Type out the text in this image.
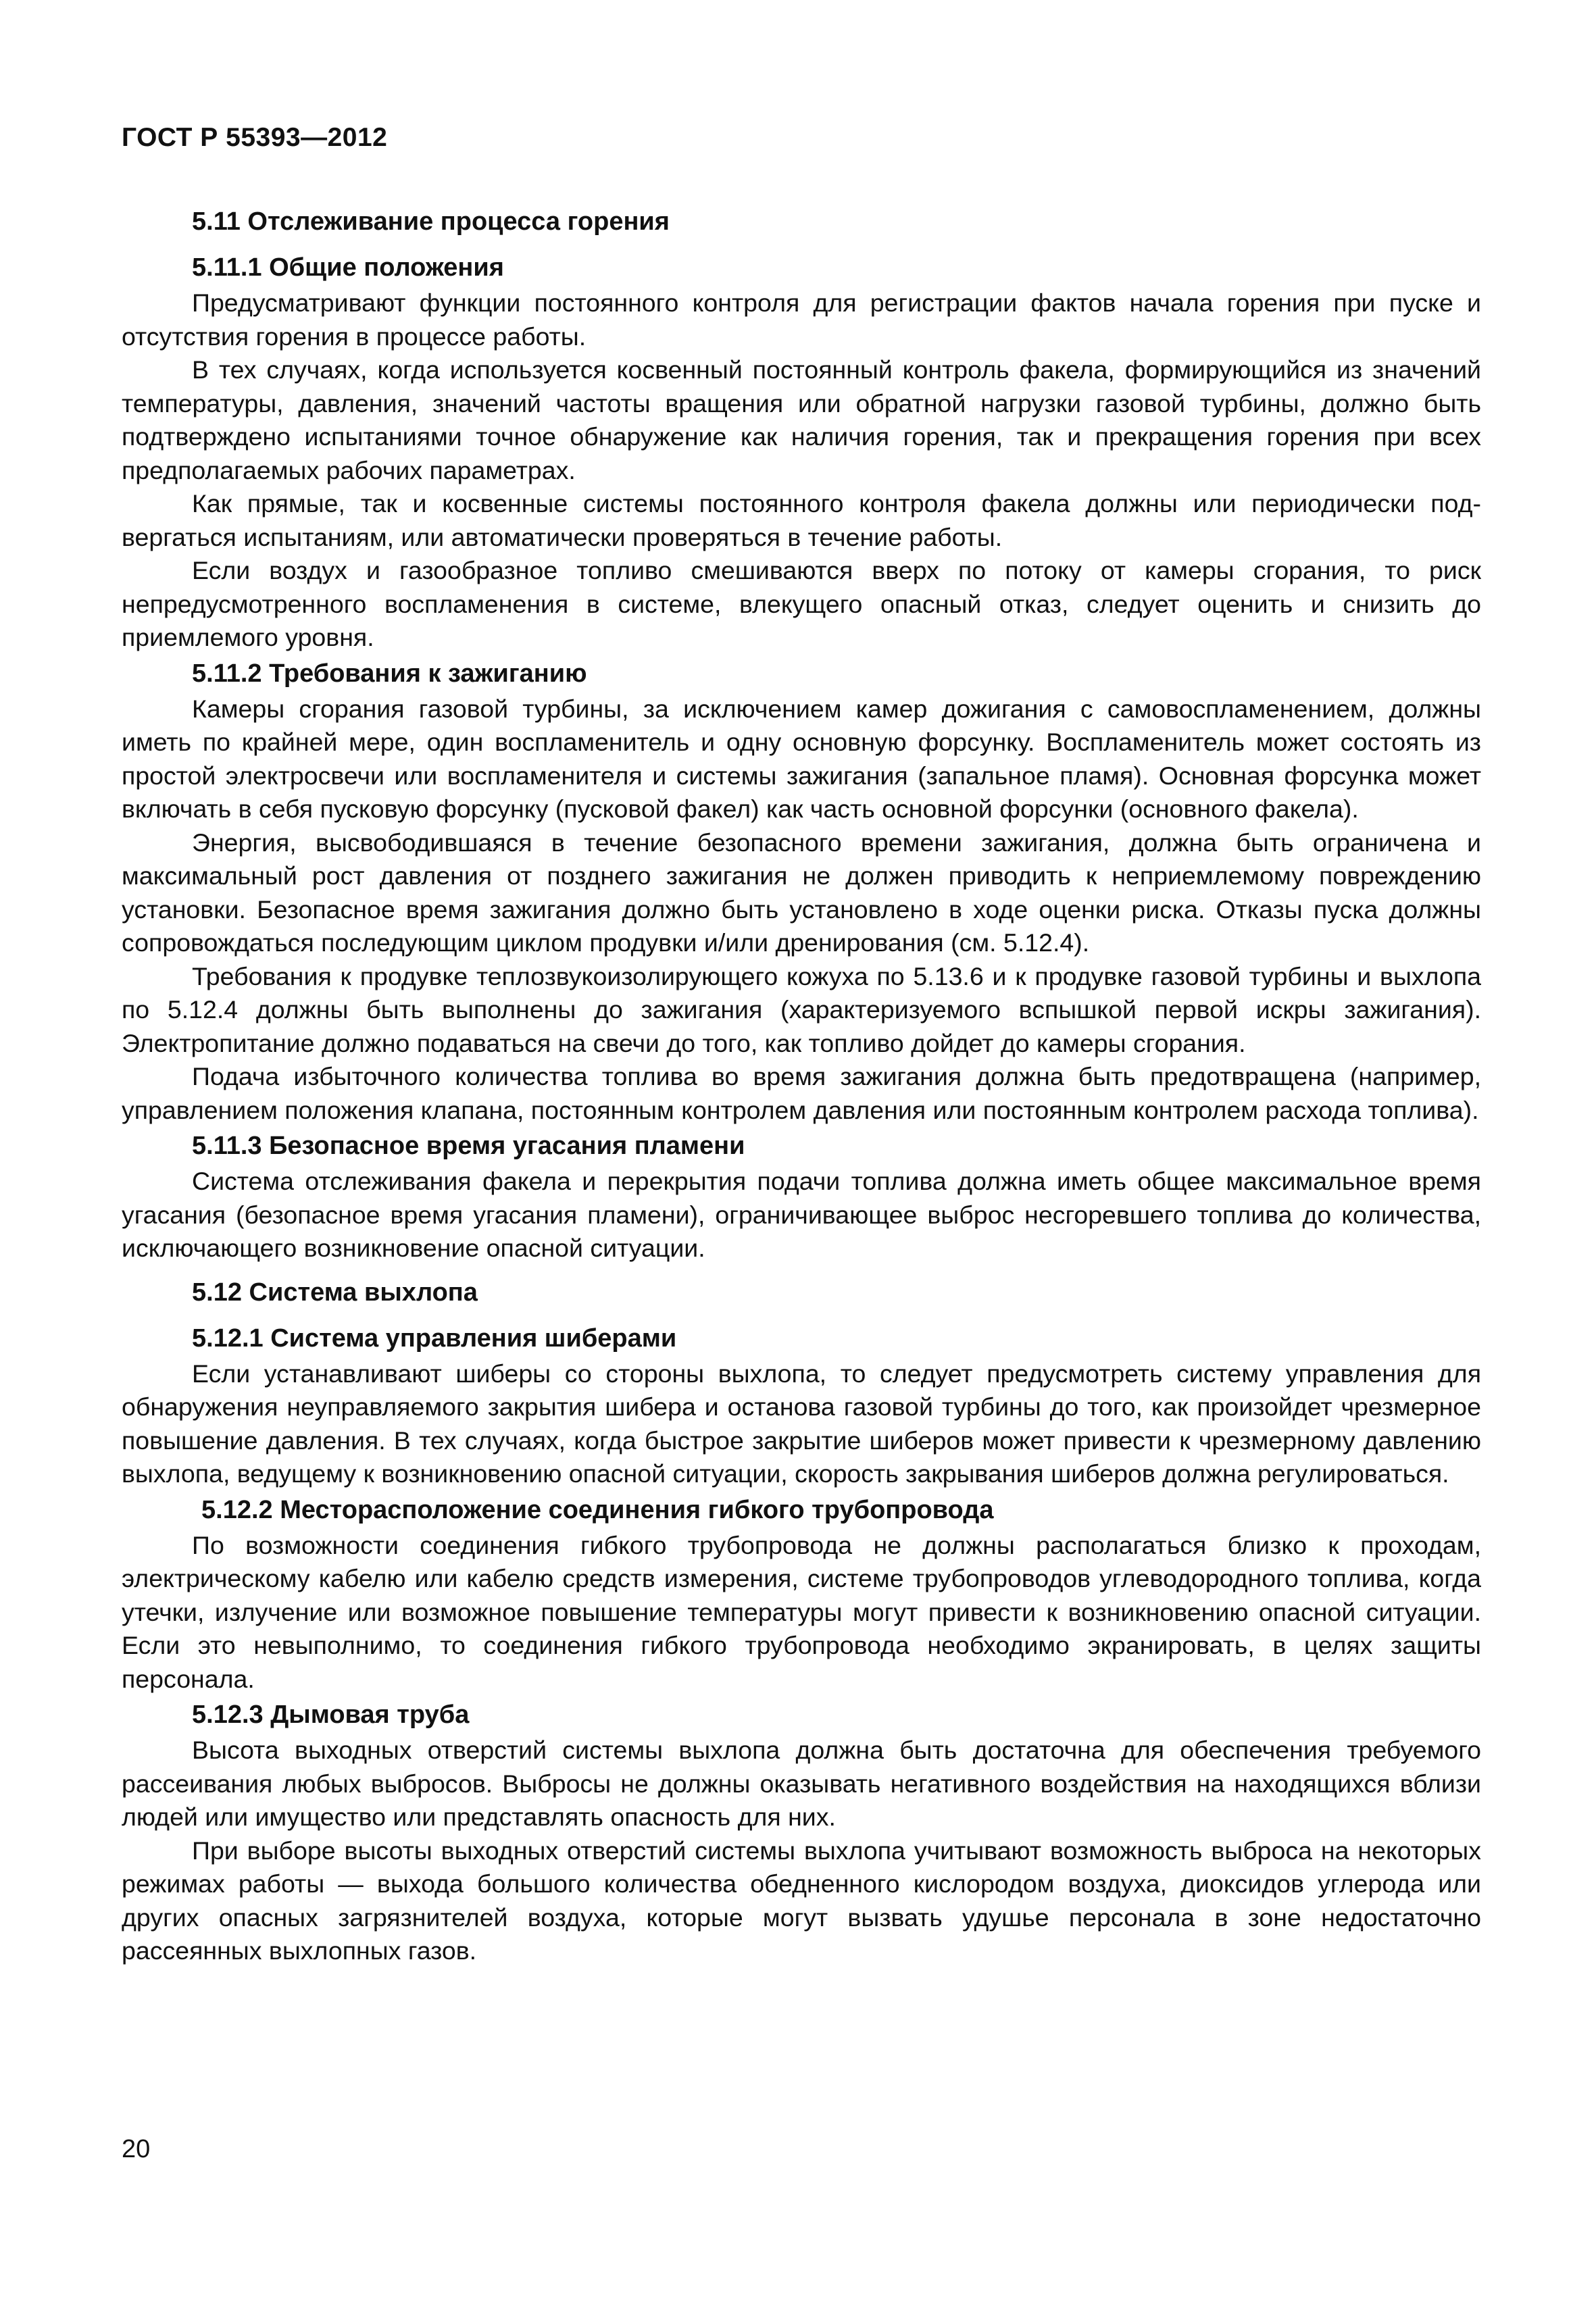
ГОСТ Р 55393—2012
5.11 Отслеживание процесса горения
5.11.1 Общие положения

Предусматривают функции постоянного контроля для регистрации фактов начала горения при пуске и отсутствия горения в процессе работы.

В тех случаях, когда используется косвенный постоянный контроль факела, формирующийся из значений температуры, давления, значений частоты вращения или обратной нагрузки газовой турбины, должно быть подтверждено испытаниями точное обнаружение как наличия горения, так и прекращения горения при всех предполагаемых рабочих параметрах.

Как прямые, так и косвенные системы постоянного контроля факела должны или периодически подвергаться испытаниям, или автоматически проверяться в течение работы.

Если воздух и газообразное топливо смешиваются вверх по потоку от камеры сгорания, то риск непредусмотренного воспламенения в системе, влекущего опасный отказ, следует оценить и снизить до приемлемого уровня.

5.11.2 Требования к зажиганию

Камеры сгорания газовой турбины, за исключением камер дожигания с самовоспламенением, должны иметь по крайней мере, один воспламенитель и одну основную форсунку. Воспламенитель может состоять из простой электросвечи или воспламенителя и системы зажигания (запальное пламя). Основная форсунка может включать в себя пусковую форсунку (пусковой факел) как часть основной форсунки (основного факела).

Энергия, высвободившаяся в течение безопасного времени зажигания, должна быть ограничена и максимальный рост давления от позднего зажигания не должен приводить к неприемлемому повреждению установки. Безопасное время зажигания должно быть установлено в ходе оценки риска. Отказы пуска должны сопровождаться последующим циклом продувки и/или дренирования (см. 5.12.4).

Требования к продувке теплозвукоизолирующего кожуха по 5.13.6 и к продувке газовой турбины и выхлопа по 5.12.4 должны быть выполнены до зажигания (характеризуемого вспышкой первой искры зажигания). Электропитание должно подаваться на свечи до того, как топливо дойдет до камеры сгорания.

Подача избыточного количества топлива во время зажигания должна быть предотвращена (например, управлением положения клапана, постоянным контролем давления или постоянным контролем расхода топлива).

5.11.3 Безопасное время угасания пламени

Система отслеживания факела и перекрытия подачи топлива должна иметь общее максимальное время угасания (безопасное время угасания пламени), ограничивающее выброс несгоревшего топлива до количества, исключающего возникновение опасной ситуации.

5.12 Система выхлопа
5.12.1 Система управления шиберами

Если устанавливают шиберы со стороны выхлопа, то следует предусмотреть систему управления для обнаружения неуправляемого закрытия шибера и останова газовой турбины до того, как произойдет чрезмерное повышение давления. В тех случаях, когда быстрое закрытие шиберов может привести к чрезмерному давлению выхлопа, ведущему к возникновению опасной ситуации, скорость закрывания шиберов должна регулироваться.

5.12.2 Месторасположение соединения гибкого трубопровода

По возможности соединения гибкого трубопровода не должны располагаться близко к проходам, электрическому кабелю или кабелю средств измерения, системе трубопроводов углеводородного топлива, когда утечки, излучение или возможное повышение температуры могут привести к возникновению опасной ситуации. Если это невыполнимо, то соединения гибкого трубопровода необходимо экранировать, в целях защиты персонала.

5.12.3 Дымовая труба

Высота выходных отверстий системы выхлопа должна быть достаточна для обеспечения требуемого рассеивания любых выбросов. Выбросы не должны оказывать негативного воздействия на находящихся вблизи людей или имущество или представлять опасность для них.

При выборе высоты выходных отверстий системы выхлопа учитывают возможность выброса на некоторых режимах работы — выхода большого количества обедненного кислородом воздуха, диоксидов углерода или других опасных загрязнителей воздуха, которые могут вызвать удушье персонала в зоне недостаточно рассеянных выхлопных газов.

20
